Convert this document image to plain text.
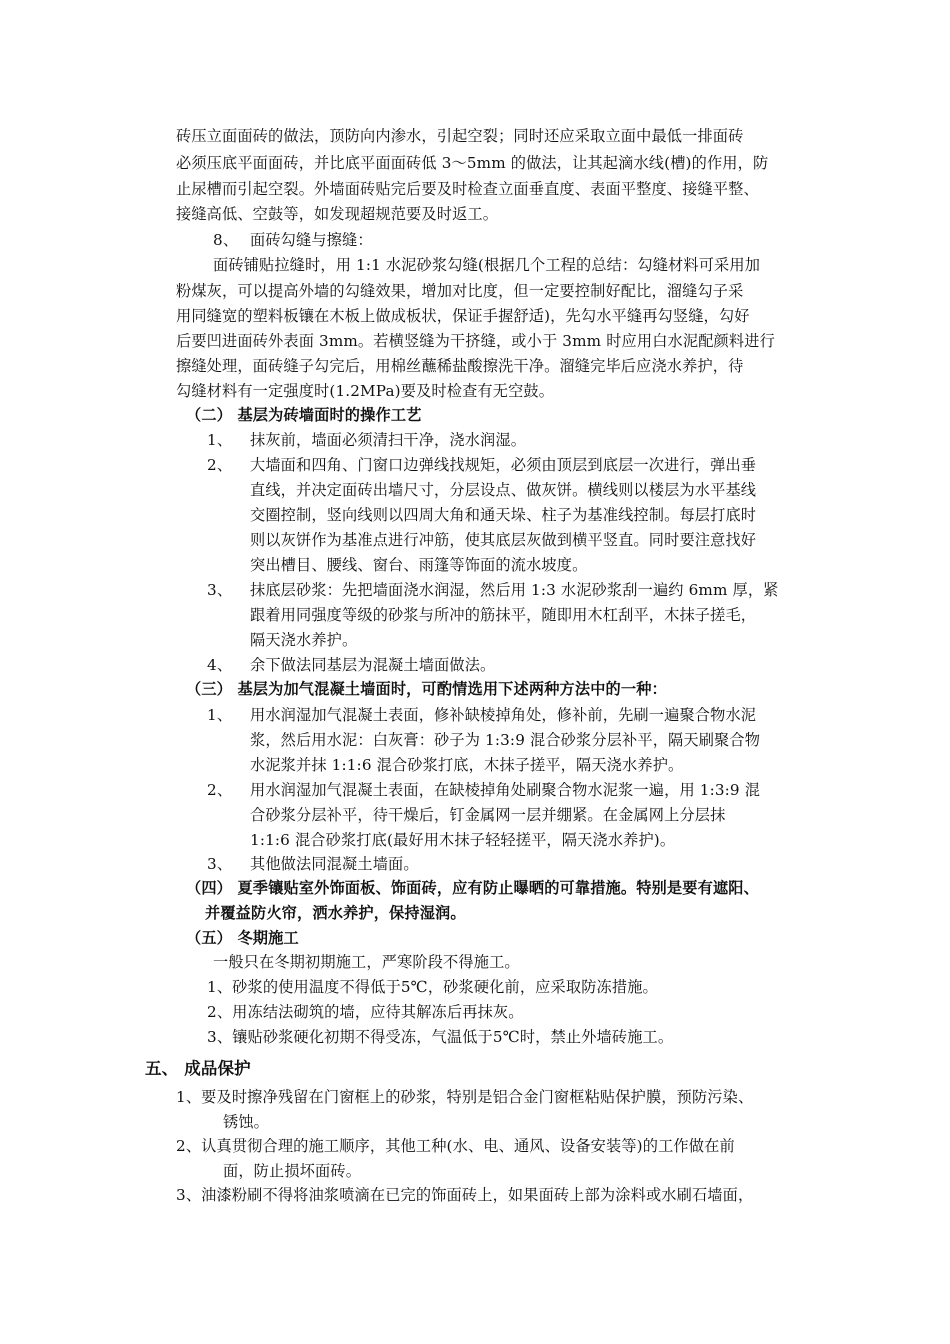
砖压立面面砖的做法，顶防向内渗水，引起空裂；同时还应采取立面中最低一排面砖
必须压底平面面砖，并比底平面面砖低 3～5mm 的做法，让其起滴水线(槽)的作用，防
止尿槽而引起空裂。外墙面砖贴完后要及时检查立面垂直度、表面平整度、接缝平整、
接缝高低、空鼓等，如发现超规范要及时返工。
8、 面砖勾缝与擦缝：
面砖铺贴拉缝时，用 1:1 水泥砂浆勾缝(根据几个工程的总结：勾缝材料可采用加
粉煤灰，可以提高外墙的勾缝效果，增加对比度，但一定要控制好配比，溜缝勾子采
用同缝宽的塑料板镶在木板上做成板状，保证手握舒适)，先勾水平缝再勾竖缝，勾好
后要凹进面砖外表面 3mm。若横竖缝为干挤缝，或小于 3mm 时应用白水泥配颜料进行
擦缝处理，面砖缝子勾完后，用棉丝蘸稀盐酸擦洗干净。溜缝完毕后应浇水养护，待
勾缝材料有一定强度时(1.2MPa)要及时检查有无空鼓。
（二） 基层为砖墙面时的操作工艺
1、 抹灰前，墙面必须清扫干净，浇水润湿。
2、 大墙面和四角、门窗口边弹线找规矩，必须由顶层到底层一次进行，弹出垂
直线，并决定面砖出墙尺寸，分层设点、做灰饼。横线则以楼层为水平基线
交圈控制，竖向线则以四周大角和通天垛、柱子为基准线控制。每层打底时
则以灰饼作为基准点进行冲筋，使其底层灰做到横平竖直。同时要注意找好
突出槽目、腰线、窗台、雨篷等饰面的流水坡度。
3、 抹底层砂浆：先把墙面浇水润湿，然后用 1:3 水泥砂浆刮一遍约 6mm 厚，紧
跟着用同强度等级的砂浆与所冲的筋抹平，随即用木杠刮平，木抹子搓毛，
隔天浇水养护。
4、 余下做法同基层为混凝土墙面做法。
（三） 基层为加气混凝土墙面时，可酌情选用下述两种方法中的一种：
1、 用水润湿加气混凝土表面，修补缺棱掉角处，修补前，先刷一遍聚合物水泥
浆，然后用水泥：白灰膏：砂子为 1:3:9 混合砂浆分层补平，隔天刷聚合物
水泥浆并抹 1:1:6 混合砂浆打底，木抹子搓平，隔天浇水养护。
2、 用水润湿加气混凝土表面，在缺棱掉角处刷聚合物水泥浆一遍，用 1:3:9 混
合砂浆分层补平，待干燥后，钉金属网一层并绷紧。在金属网上分层抹
1:1:6 混合砂浆打底(最好用木抹子轻轻搓平，隔天浇水养护)。
3、 其他做法同混凝土墙面。
（四） 夏季镶贴室外饰面板、饰面砖，应有防止曝晒的可靠措施。特别是要有遮阳、
并覆益防火帘，洒水养护，保持湿润。
（五） 冬期施工
一般只在冬期初期施工，严寒阶段不得施工。
1、砂浆的使用温度不得低于5℃，砂浆硬化前，应采取防冻措施。
2、用冻结法砌筑的墙，应待其解冻后再抹灰。
3、镶贴砂浆硬化初期不得受冻，气温低于5℃时，禁止外墙砖施工。
五、 成品保护
1、要及时擦净残留在门窗框上的砂浆，特别是铝合金门窗框粘贴保护膜，预防污染、
锈蚀。
2、认真贯彻合理的施工顺序，其他工种(水、电、通风、设备安装等)的工作做在前
面，防止损坏面砖。
3、油漆粉刷不得将油浆喷滴在已完的饰面砖上，如果面砖上部为涂料或水刷石墙面，
